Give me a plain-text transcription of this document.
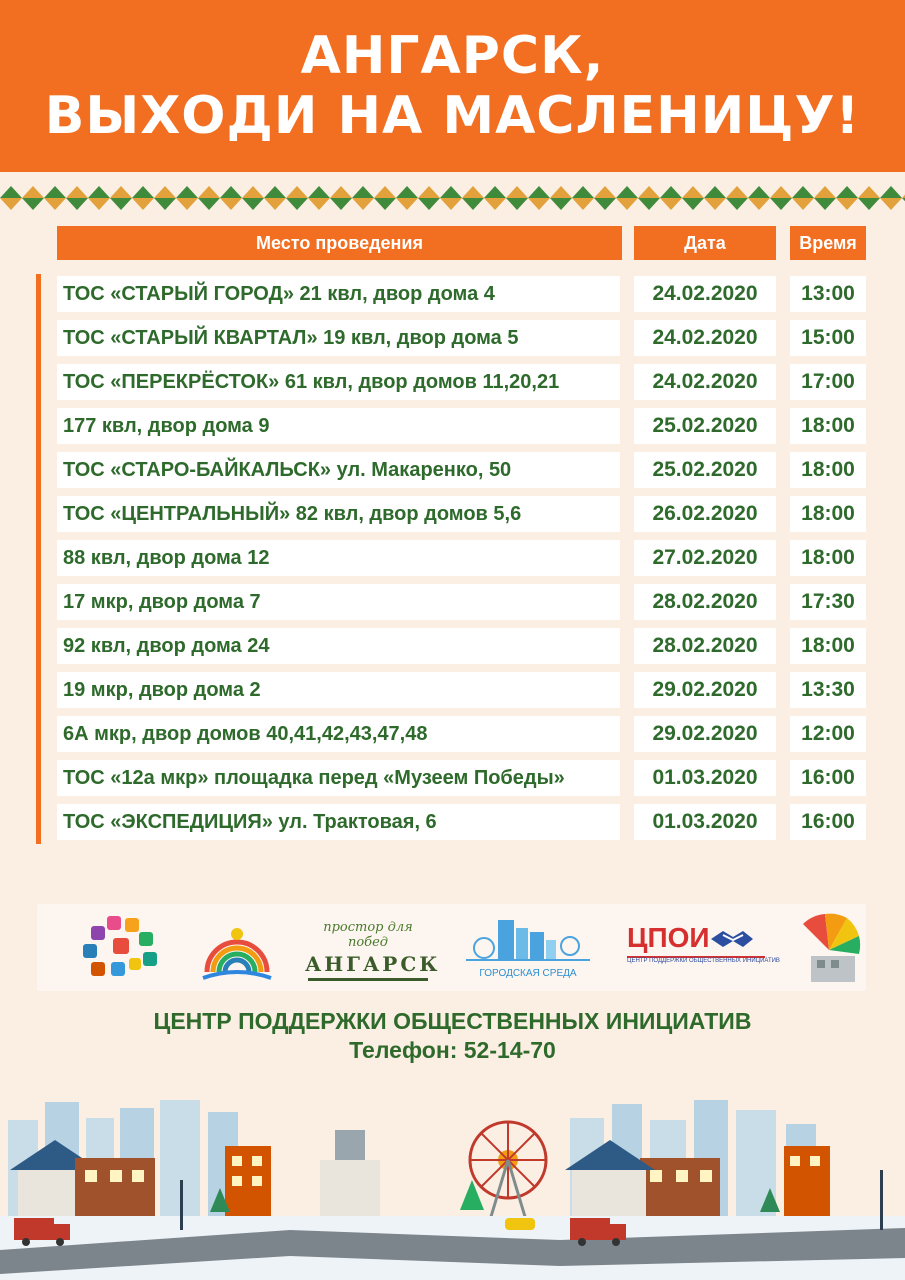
АНГАРСК,
ВЫХОДИ НА МАСЛЕНИЦУ!
Место проведения	Дата	Время
ТОС «СТАРЫЙ ГОРОД» 21 квл, двор дома 4	24.02.2020	13:00
ТОС «СТАРЫЙ КВАРТАЛ» 19 квл, двор дома 5	24.02.2020	15:00
ТОС «ПЕРЕКРЁСТОК» 61 квл, двор домов 11,20,21	24.02.2020	17:00
177 квл, двор дома 9	25.02.2020	18:00
ТОС «СТАРО-БАЙКАЛЬСК» ул. Макаренко, 50	25.02.2020	18:00
ТОС «ЦЕНТРАЛЬНЫЙ» 82 квл, двор домов 5,6	26.02.2020	18:00
88 квл, двор дома 12	27.02.2020	18:00
17 мкр, двор дома 7	28.02.2020	17:30
92 квл, двор дома 24	28.02.2020	18:00
19 мкр, двор дома 2	29.02.2020	13:30
6А мкр, двор домов 40,41,42,43,47,48	29.02.2020	12:00
ТОС «12а мкр» площадка перед «Музеем Победы»	01.03.2020	16:00
ТОС «ЭКСПЕДИЦИЯ» ул. Трактовая, 6	01.03.2020	16:00
простор для побед
АНГАРСК	ГОРОДСКАЯ СРЕДА
ЦПОИ
ЦЕНТР ПОДДЕРЖКИ ОБЩЕСТВЕННЫХ ИНИЦИАТИВ
ЦЕНТР ПОДДЕРЖКИ ОБЩЕСТВЕННЫХ ИНИЦИАТИВ
Телефон: 52-14-70
